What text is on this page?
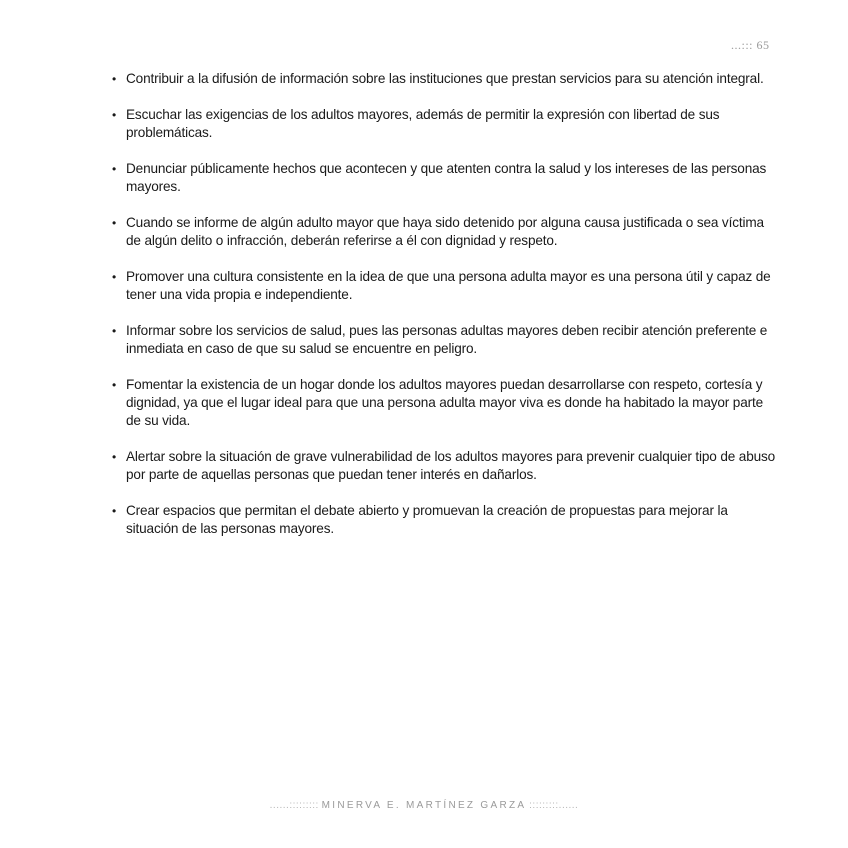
...::: 65
• Contribuir a la difusión de información sobre las instituciones que prestan servicios para su atención integral.
• Escuchar las exigencias de los adultos mayores, además de permitir la expresión con libertad de sus problemáticas.
• Denunciar públicamente hechos que acontecen y que atenten contra la salud y los intereses de las personas mayores.
• Cuando se informe de algún adulto mayor que haya sido detenido por alguna causa justificada o sea víctima de algún delito o infracción, deberán referirse a él con dignidad y respeto.
• Promover una cultura consistente en la idea de que una persona adulta mayor es una persona útil y capaz de tener una vida propia e independiente.
• Informar sobre los servicios de salud, pues las personas adultas mayores deben recibir atención preferente e inmediata en caso de que su salud se encuentre en peligro.
• Fomentar la existencia de un hogar donde los adultos mayores puedan desarrollarse con respeto, cortesía y dignidad, ya que el lugar ideal para que una persona adulta mayor viva es donde ha habitado la mayor parte de su vida.
• Alertar sobre la situación de grave vulnerabilidad de los adultos mayores para prevenir cualquier tipo de abuso por parte de aquellas personas que puedan tener interés en dañarlos.
• Crear espacios que permitan el debate abierto y promuevan la creación de propuestas para mejorar la situación de las personas mayores.
......::::::::: MINERVA E. MARTÍNEZ GARZA :::::::::......
